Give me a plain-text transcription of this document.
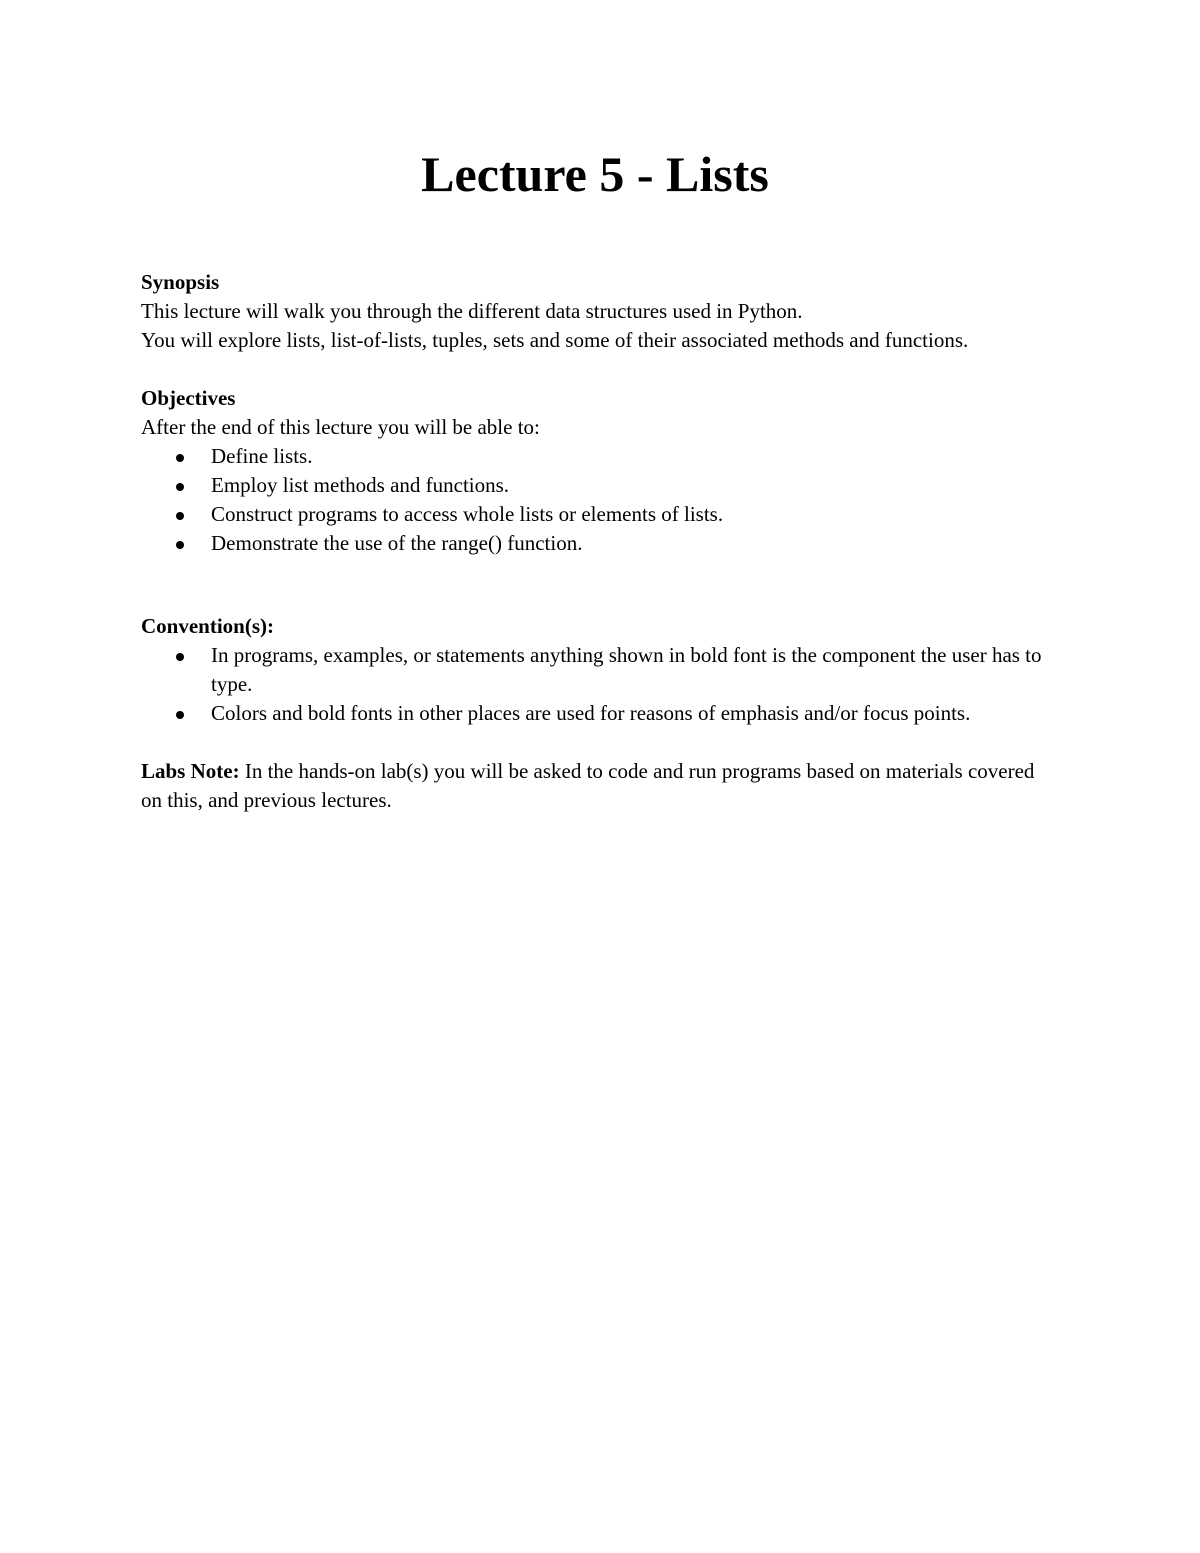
Lecture 5 - Lists

Synopsis

This lecture will walk you through the different data structures used in Python.

You will explore lists, list-of-lists, tuples, sets and some of their associated methods and functions.

Objectives

After the end of this lecture you will be able to:

Define lists.
Employ list methods and functions.
Construct programs to access whole lists or elements of lists.
Demonstrate the use of the range() function.

Convention(s):

In programs, examples, or statements anything shown in bold font is the component the user has to type.
Colors and bold fonts in other places are used for reasons of emphasis and/or focus points.

Labs Note: In the hands-on lab(s) you will be asked to code and run programs based on materials covered on this, and previous lectures.
